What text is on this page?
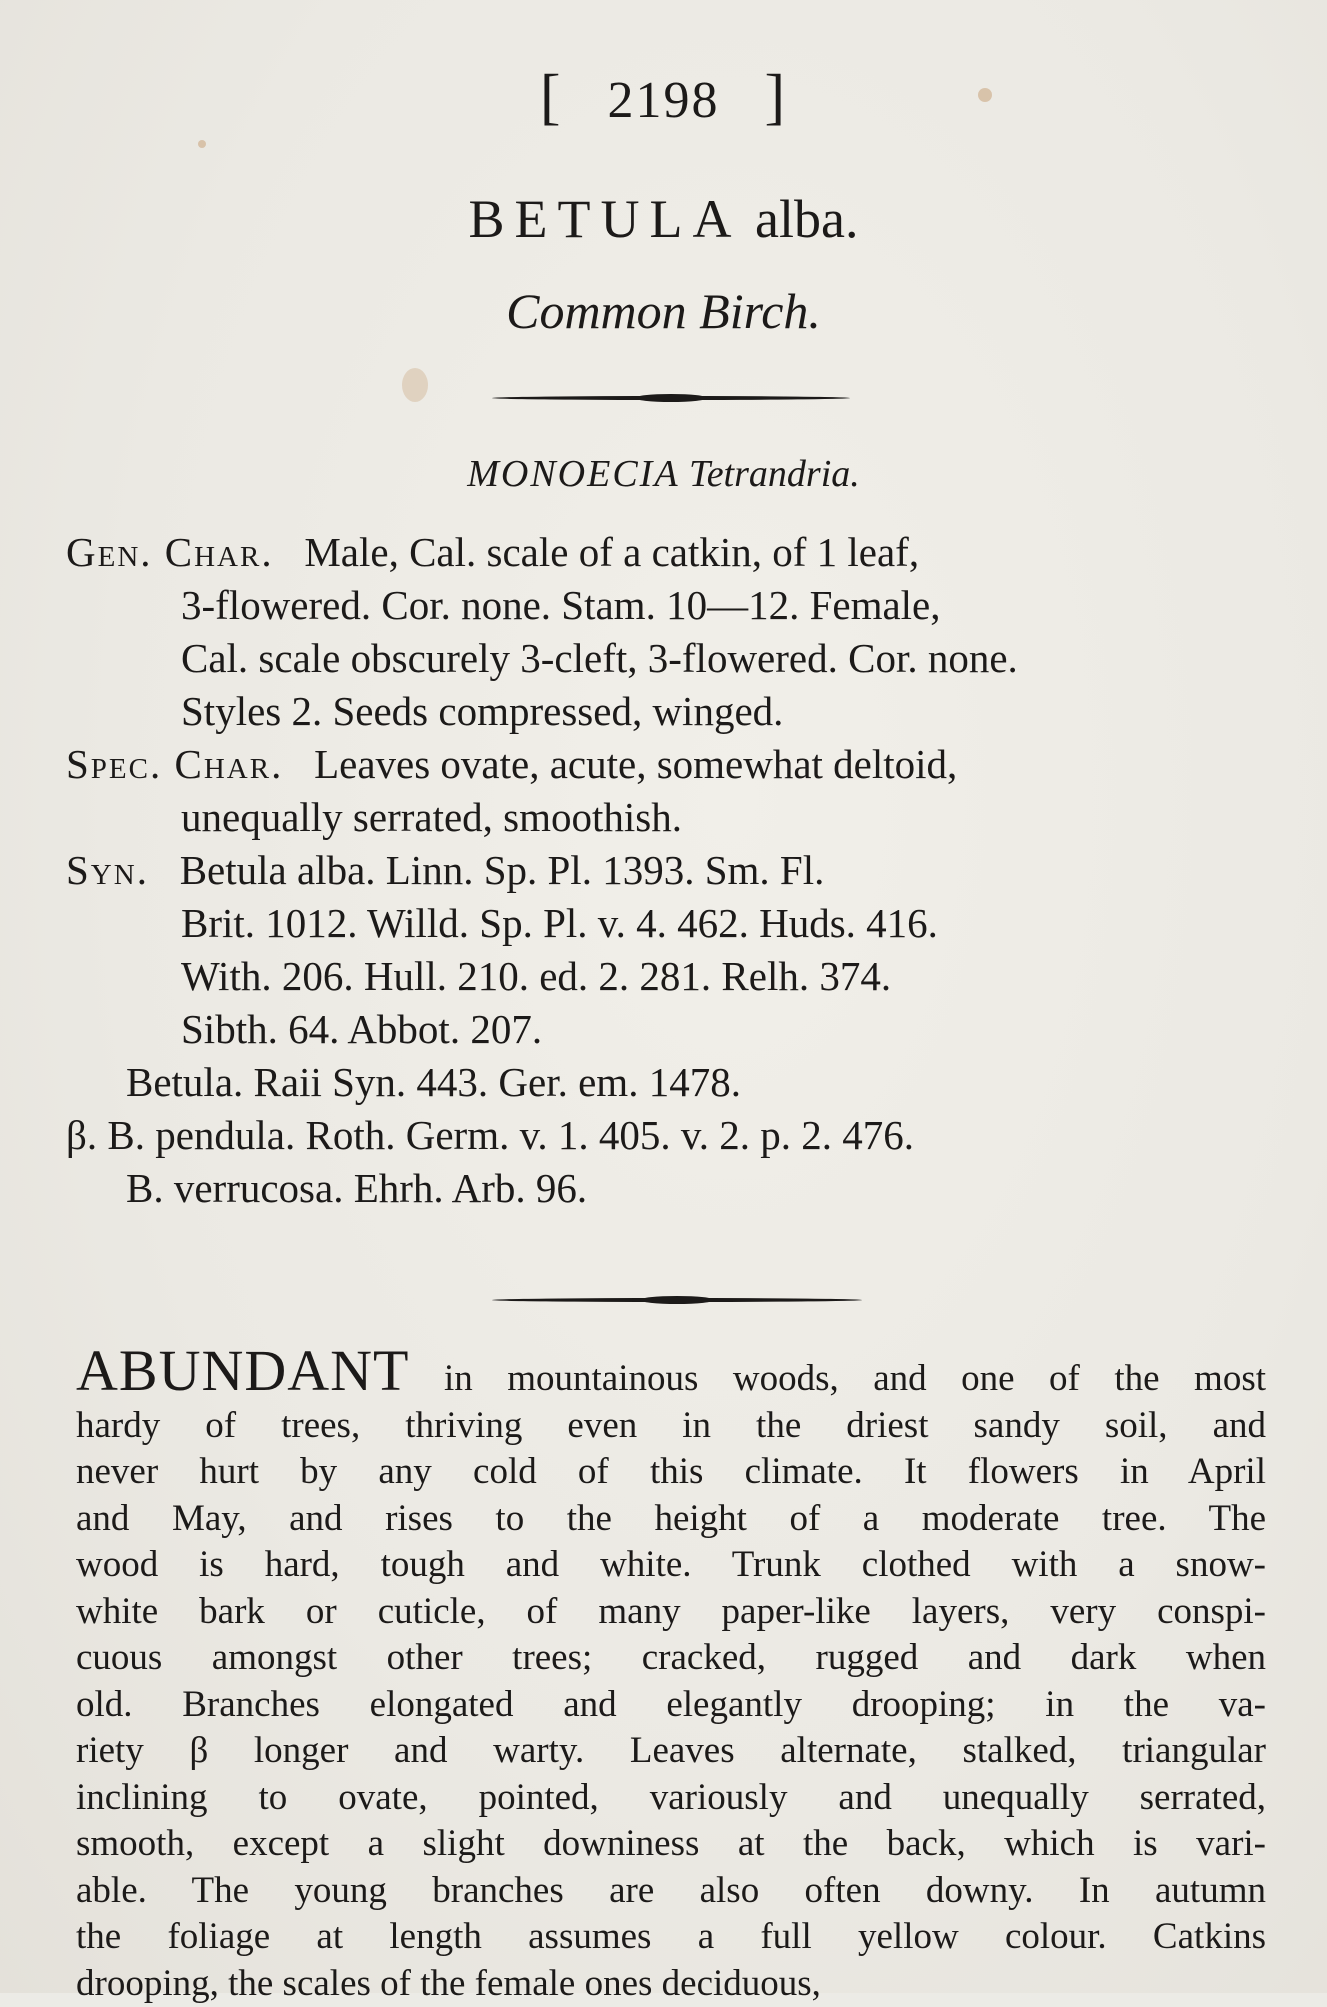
[ 2198 ]
BETULA alba.
Common Birch.
MONOECIA Tetrandria.
Gen. Char. Male, Cal. scale of a catkin, of 1 leaf,
3-flowered. Cor. none. Stam. 10—12. Female,
Cal. scale obscurely 3-cleft, 3-flowered. Cor. none.
Styles 2. Seeds compressed, winged.
Spec. Char. Leaves ovate, acute, somewhat deltoid,
unequally serrated, smoothish.
Syn. Betula alba. Linn. Sp. Pl. 1393. Sm. Fl.
Brit. 1012. Willd. Sp. Pl. v. 4. 462. Huds. 416.
With. 206. Hull. 210. ed. 2. 281. Relh. 374.
Sibth. 64. Abbot. 207.
Betula. Raii Syn. 443. Ger. em. 1478.
β. B. pendula. Roth. Germ. v. 1. 405. v. 2. p. 2. 476.
B. verrucosa. Ehrh. Arb. 96.
ABUNDANT in mountainous woods, and one of the most
hardy of trees, thriving even in the driest sandy soil, and
never hurt by any cold of this climate. It flowers in April
and May, and rises to the height of a moderate tree. The
wood is hard, tough and white. Trunk clothed with a snow-
white bark or cuticle, of many paper-like layers, very conspi-
cuous amongst other trees; cracked, rugged and dark when
old. Branches elongated and elegantly drooping; in the va-
riety β longer and warty. Leaves alternate, stalked, triangular
inclining to ovate, pointed, variously and unequally serrated,
smooth, except a slight downiness at the back, which is vari-
able. The young branches are also often downy. In autumn
the foliage at length assumes a full yellow colour. Catkins
drooping, the scales of the female ones deciduous,
